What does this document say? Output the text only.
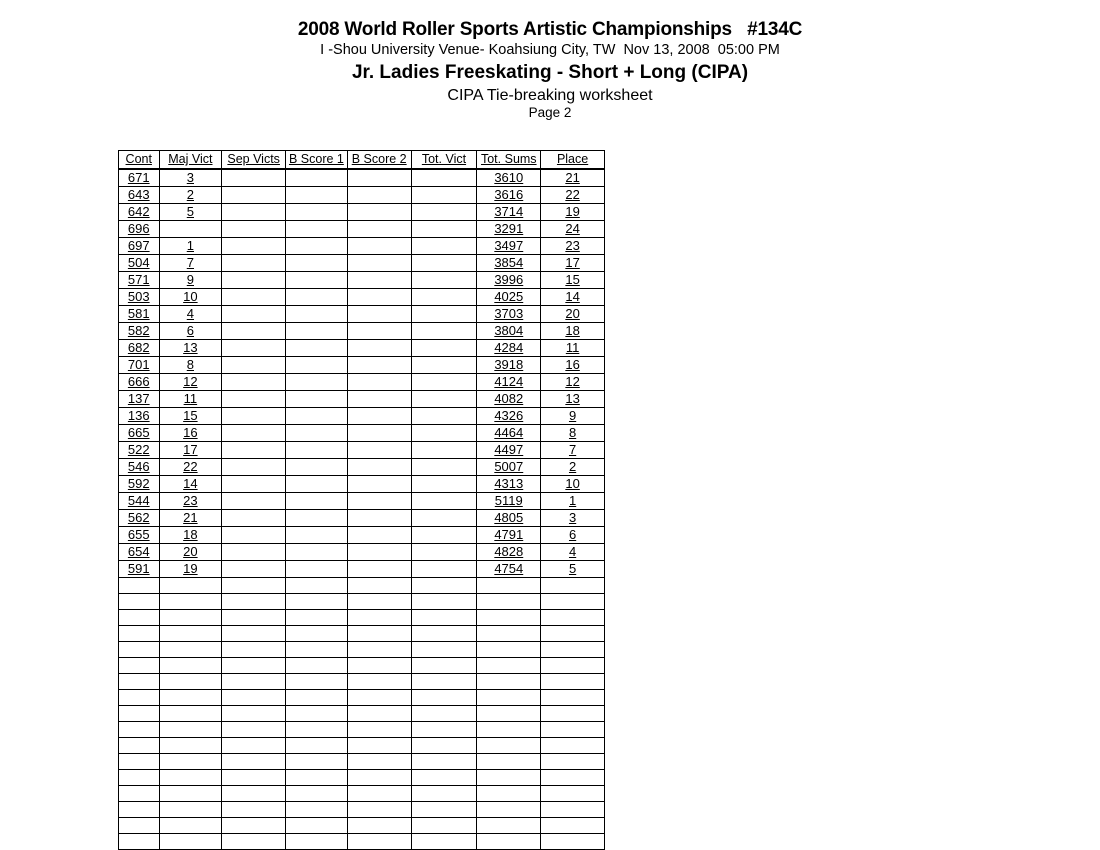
2008 World Roller Sports Artistic Championships   #134C
I -Shou University Venue- Koahsiung City, TW  Nov 13, 2008  05:00 PM
Jr. Ladies Freeskating - Short + Long (CIPA)
CIPA Tie-breaking worksheet
Page 2
Cont	Maj Vict	Sep Victs	B Score 1	B Score 2	Tot. Vict	Tot. Sums	Place
671	3					3610	21
643	2					3616	22
642	5					3714	19
696						3291	24
697	1					3497	23
504	7					3854	17
571	9					3996	15
503	10					4025	14
581	4					3703	20
582	6					3804	18
682	13					4284	11
701	8					3918	16
666	12					4124	12
137	11					4082	13
136	15					4326	9
665	16					4464	8
522	17					4497	7
546	22					5007	2
592	14					4313	10
544	23					5119	1
562	21					4805	3
655	18					4791	6
654	20					4828	4
591	19					4754	5
